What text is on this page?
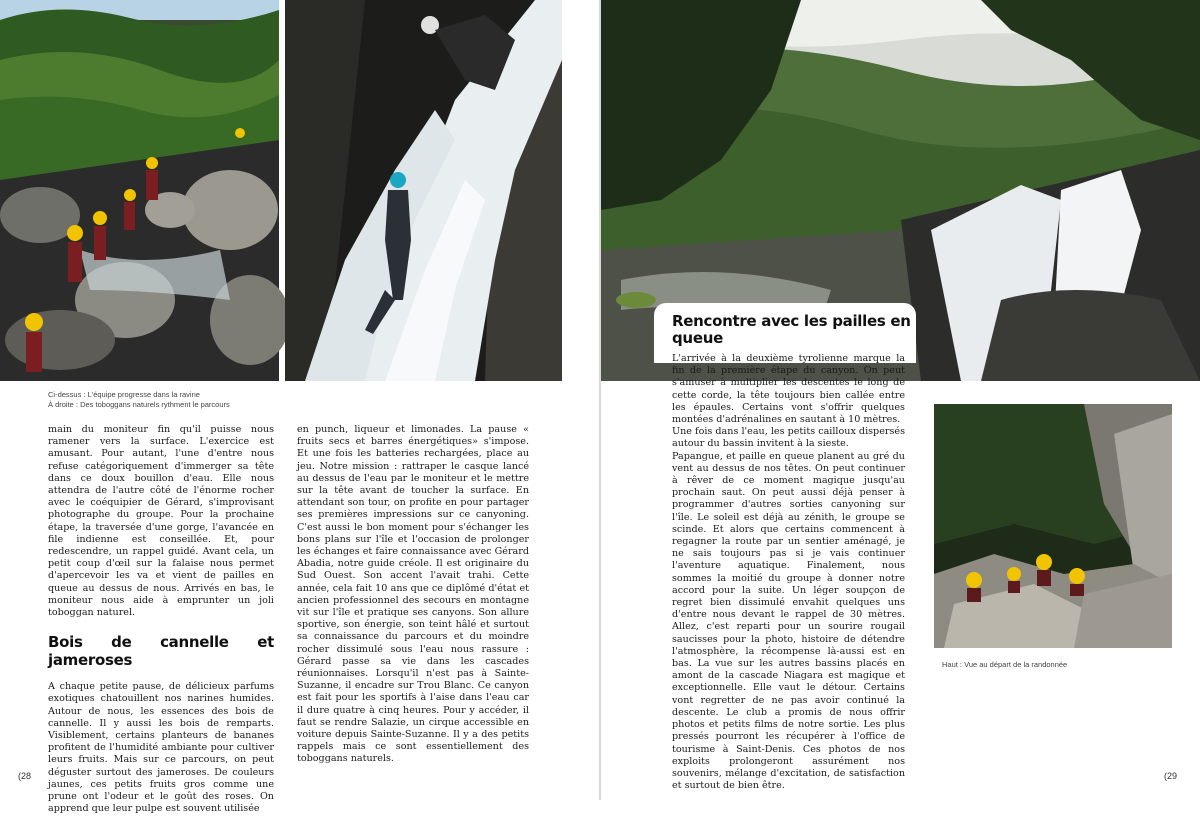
Ci-dessus : L'équipe progresse dans la ravine
À droite : Des toboggans naturels rythment le parcours

main du moniteur fin qu'il puisse nous ramener vers la surface. L'exercice est amusant. Pour autant, l'une d'entre nous refuse catégoriquement d'immerger sa tête dans ce doux bouillon d'eau. Elle nous attendra de l'autre côté de l'énorme rocher avec le coéquipier de Gérard, s'improvisant photographe du groupe. Pour la prochaine étape, la traversée d'une gorge, l'avancée en file indienne est conseillée. Et, pour redescendre, un rappel guidé. Avant cela, un petit coup d'œil sur la falaise nous permet d'apercevoir les va et vient de pailles en queue au dessus de nous. Arrivés en bas, le moniteur nous aide à emprunter un joli toboggan naturel.

Bois de cannelle et jameroses

A chaque petite pause, de délicieux parfums exotiques chatouillent nos narines humides. Autour de nous, les essences des bois de cannelle. Il y aussi les bois de remparts. Visiblement, certains planteurs de bananes profitent de l'humidité ambiante pour cultiver leurs fruits. Mais sur ce parcours, on peut déguster surtout des jameroses. De couleurs jaunes, ces petits fruits gros comme une prune ont l'odeur et le goût des roses. On apprend que leur pulpe est souvent utilisée

en punch, liqueur et limonades. La pause « fruits secs et barres énergétiques» s'impose. Et une fois les batteries rechargées, place au jeu. Notre mission : rattraper le casque lancé au dessus de l'eau par le moniteur et le mettre sur la tête avant de toucher la surface. En attendant son tour, on profite en pour partager ses premières impressions sur ce canyoning. C'est aussi le bon moment pour s'échanger les bons plans sur l'île et l'occasion de prolonger les échanges et faire connaissance avec Gérard Abadia, notre guide créole. Il est originaire du Sud Ouest. Son accent l'avait trahi. Cette année, cela fait 10 ans que ce diplômé d'état et ancien professionnel des secours en montagne vit sur l'île et pratique ses canyons. Son allure sportive, son énergie, son teint hâlé et surtout sa connaissance du parcours et du moindre rocher dissimulé sous l'eau nous rassure : Gérard passe sa vie dans les cascades réunionnaises. Lorsqu'il n'est pas à Sainte-Suzanne, il encadre sur Trou Blanc. Ce canyon est fait pour les sportifs à l'aise dans l'eau car il dure quatre à cinq heures. Pour y accéder, il faut se rendre Salazie, un cirque accessible en voiture depuis Sainte-Suzanne. Il y a des petits rappels mais ce sont essentiellement des toboggans naturels.

(28
Rencontre avec les pailles en queue

L'arrivée à la deuxième tyrolienne marque la fin de la première étape du canyon. On peut s'amuser à multiplier les descentes le long de cette corde, la tête toujours bien callée entre les épaules. Certains vont s'offrir quelques montées d'adrénalines en sautant à 10 mètres.

Une fois dans l'eau, les petits cailloux dispersés autour du bassin invitent à la sieste.

Papangue, et paille en queue planent au gré du vent au dessus de nos têtes. On peut continuer à rêver de ce moment magique jusqu'au prochain saut. On peut aussi déjà penser à programmer d'autres sorties canyoning sur l'île. Le soleil est déjà au zénith, le groupe se scinde. Et alors que certains commencent à regagner la route par un sentier aménagé, je ne sais toujours pas si je vais continuer l'aventure aquatique. Finalement, nous sommes la moitié du groupe à donner notre accord pour la suite. Un léger soupçon de regret bien dissimulé envahit quelques uns d'entre nous devant le rappel de 30 mètres. Allez, c'est reparti pour un sourire rougail saucisses pour la photo, histoire de détendre l'atmosphère, la récompense là-aussi est en bas. La vue sur les autres bassins placés en amont de la cascade Niagara est magique et exceptionnelle. Elle vaut le détour. Certains vont regretter de ne pas avoir continué la descente. Le club a promis de nous offrir photos et petits films de notre sortie. Les plus pressés pourront les récupérer à l'office de tourisme à Saint-Denis. Ces photos de nos exploits prolongeront assurément nos souvenirs, mélange d'excitation, de satisfaction et surtout de bien être.

Haut : Vue au départ de la randonnée
(29
